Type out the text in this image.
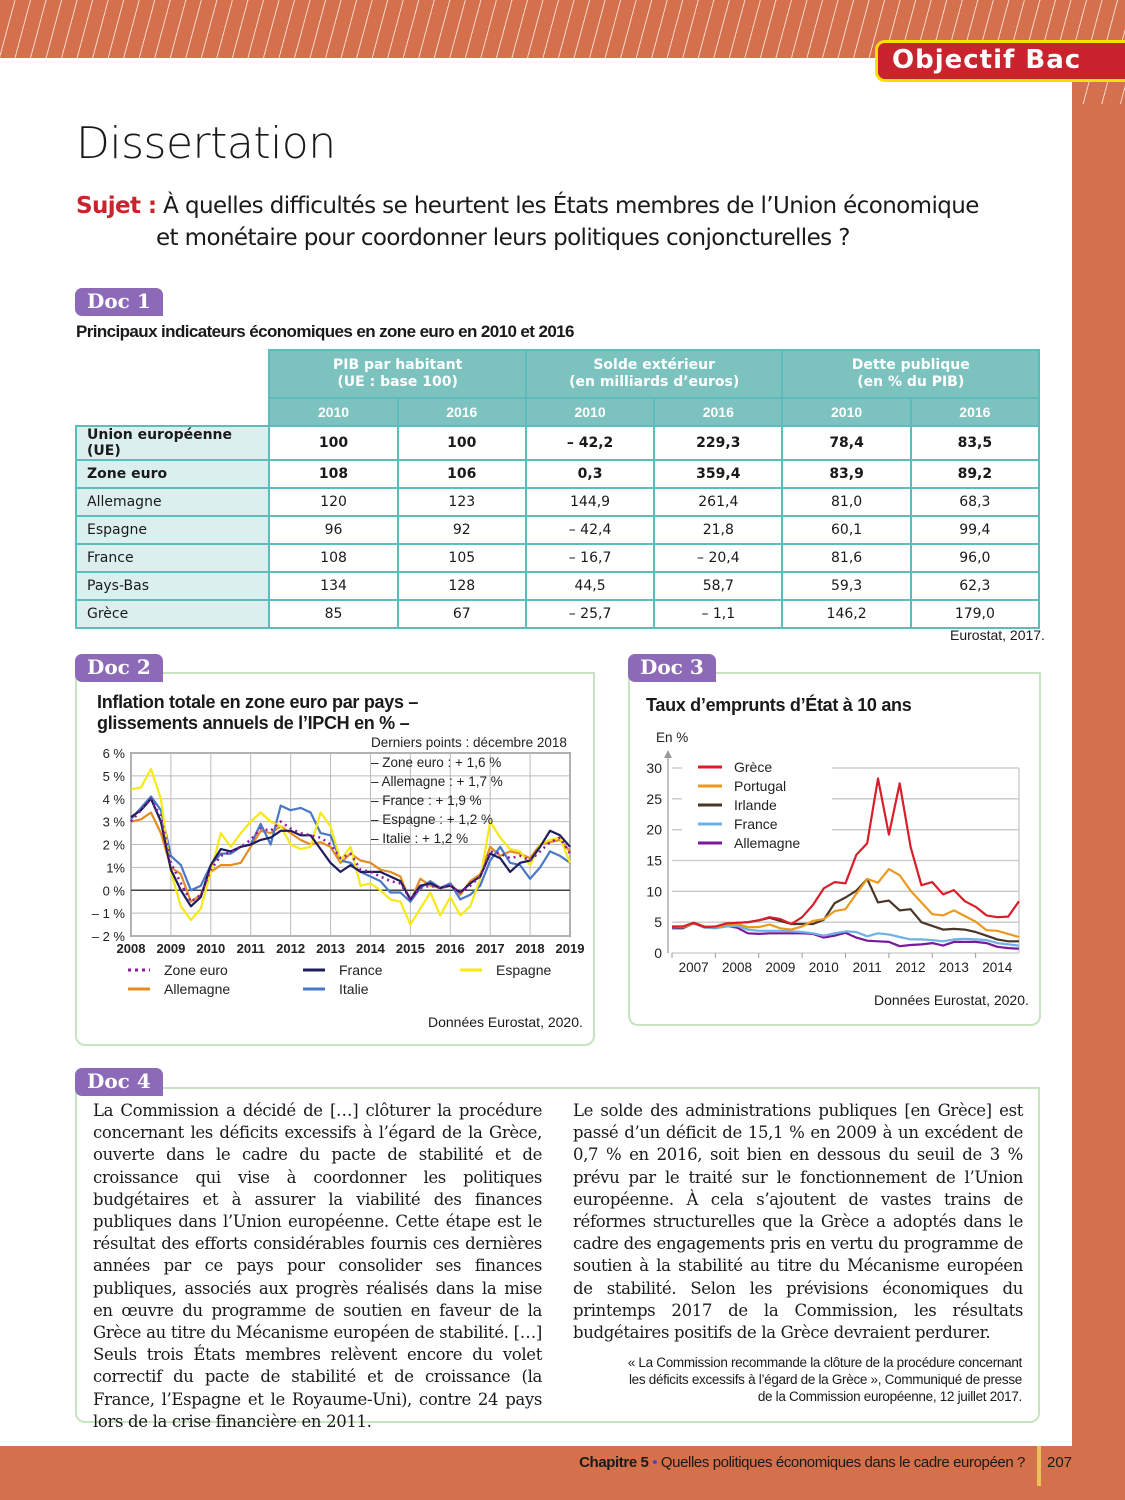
Objectif Bac
Dissertation
Sujet : À quelles difficultés se heurtent les États membres de l’Union économique
et monétaire pour coordonner leurs politiques conjoncturelles ?
Doc 1
Principaux indicateurs économiques en zone euro en 2010 et 2016
	PIB par habitant
(UE : base 100)		Solde extérieur
(en milliards d’euros)		Dette publique
(en % du PIB)	
	2010	2016	2010	2016	2010	2016
Union européenne (UE)	100	100	– 42,2	229,3	78,4	83,5
Zone euro	108	106	0,3	359,4	83,9	89,2
Allemagne	120	123	144,9	261,4	81,0	68,3
Espagne	96	92	– 42,4	21,8	60,1	99,4
France	108	105	– 16,7	– 20,4	81,6	96,0
Pays-Bas	134	128	44,5	58,7	59,3	62,3
Grèce	85	67	– 25,7	– 1,1	146,2	179,0
Eurostat, 2017.
Doc 2
Inflation totale en zone euro par pays –
glissements annuels de l’IPCH en % –
2008 2009 2010 2011 2012 2013 2014 2015 2016 2017 2018 2019
6 %
5 %
4 %
3 %
2 %
1%
0 %
– 1 %
– 2 %
Derniers points : décembre 2018
– Zone euro : + 1,6 %
– Allemagne : + 1,7 %
– France : + 1,9 %
– Espagne : + 1,2 %
– Italie : + 1,2 %
Zone euro	France	Espagne
Allemagne	Italie
Données Eurostat, 2020.
Doc 3
Taux d’emprunts d’État à 10 ans
En %
0
5
10
15
20
25
30
2007 2008 2009 2010 2011 2012 2013 2014
Grèce
Portugal
Irlande
France
Allemagne
Données Eurostat, 2020.
Doc 4
La Commission a décidé de […] clôturer la procédure concernant les déficits excessifs à l’égard de la Grèce, ouverte dans le cadre du pacte de stabilité et de croissance qui vise à coordonner les politiques budgétaires et à assurer la viabilité des finances publiques dans l’Union européenne. Cette étape est le résultat des efforts considérables fournis ces dernières années par ce pays pour consolider ses finances publiques, associés aux progrès réalisés dans la mise en œuvre du programme de soutien en faveur de la Grèce au titre du Mécanisme européen de stabilité. […] Seuls trois États membres relèvent encore du volet correctif du pacte de stabilité et de croissance (la France, l’Espagne et le Royaume-Uni), contre 24 pays lors de la crise financière en 2011.
Le solde des administrations publiques [en Grèce] est passé d’un déficit de 15,1 % en 2009 à un excédent de 0,7 % en 2016, soit bien en dessous du seuil de 3 % prévu par le traité sur le fonctionnement de l’Union européenne. À cela s’ajoutent de vastes trains de réformes structurelles que la Grèce a adoptés dans le cadre des engagements pris en vertu du programme de soutien à la stabilité au titre du Mécanisme européen de stabilité. Selon les prévisions économiques du printemps 2017 de la Commission, les résultats budgétaires positifs de la Grèce devraient perdurer.
« La Commission recommande la clôture de la procédure concernant
les déficits excessifs à l’égard de la Grèce », Communiqué de presse
de la Commission européenne, 12 juillet 2017.
Chapitre 5 • Quelles politiques économiques dans le cadre européen ? 207
